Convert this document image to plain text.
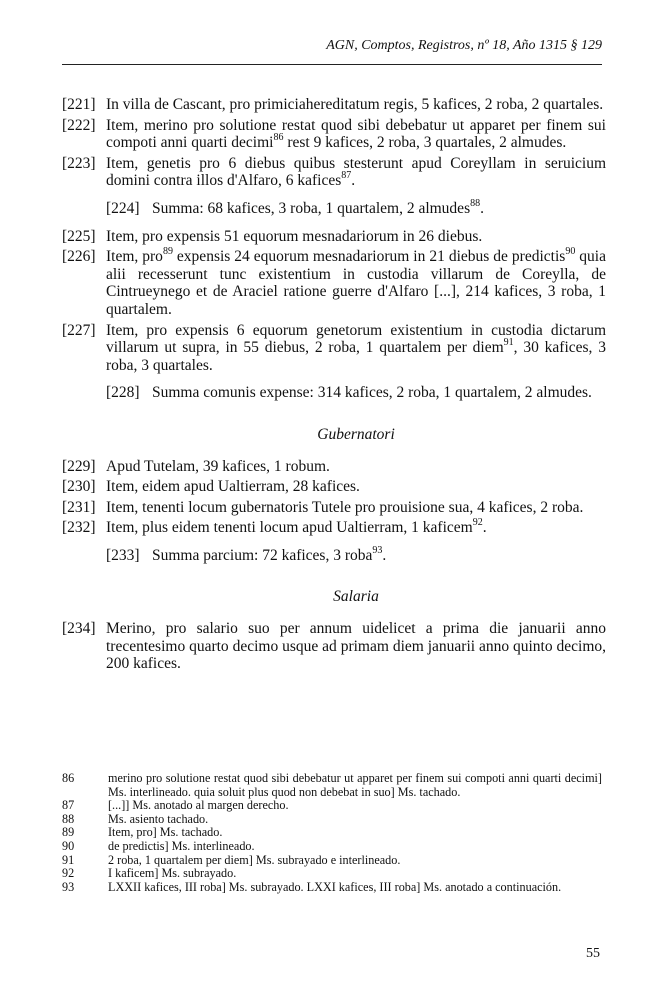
AGN, Comptos, Registros, nº 18, Año 1315 § 129
[221] In villa de Cascant, pro primiciahereditatum regis, 5 kafices, 2 roba, 2 quartales.
[222] Item, merino pro solutione restat quod sibi debebatur ut apparet per finem sui compoti anni quarti decimi$^{86}$ rest 9 kafices, 2 roba, 3 quartales, 2 almudes.
[223] Item, genetis pro 6 diebus quibus stesterunt apud Coreyllam in seruicium domini contra illos d'Alfaro, 6 kafices$^{87}$.
[224] Summa: 68 kafices, 3 roba, 1 quartalem, 2 almudes$^{88}$.
[225] Item, pro expensis 51 equorum mesnadariorum in 26 diebus.
[226] Item, pro$^{89}$ expensis 24 equorum mesnadariorum in 21 diebus de predictis$^{90}$ quia alii recesserunt tunc existentium in custodia villarum de Coreylla, de Cintrueynego et de Araciel ratione guerre d'Alfaro [...], 214 kafices, 3 roba, 1 quartalem.
[227] Item, pro expensis 6 equorum genetorum existentium in custodia dictarum villarum ut supra, in 55 diebus, 2 roba, 1 quartalem per diem$^{91}$, 30 kafices, 3 roba, 3 quartales.
[228] Summa comunis expense: 314 kafices, 2 roba, 1 quartalem, 2 almudes.
Gubernatori
[229] Apud Tutelam, 39 kafices, 1 robum.
[230] Item, eidem apud Ualtierram, 28 kafices.
[231] Item, tenenti locum gubernatoris Tutele pro prouisione sua, 4 kafices, 2 roba.
[232] Item, plus eidem tenenti locum apud Ualtierram, 1 kaficem$^{92}$.
[233] Summa parcium: 72 kafices, 3 roba$^{93}$.
Salaria
[234] Merino, pro salario suo per annum uidelicet a prima die januarii anno trecentesimo quarto decimo usque ad primam diem januarii anno quinto decimo, 200 kafices.
86	merino pro solutione restat quod sibi debebatur ut apparet per finem sui compoti anni quarti decimi] Ms. interlineado. quia soluit plus quod non debebat in suo] Ms. tachado.
87	[...]] Ms. anotado al margen derecho.
88	Ms. asiento tachado.
89	Item, pro] Ms. tachado.
90	de predictis] Ms. interlineado.
91	2 roba, 1 quartalem per diem] Ms. subrayado e interlineado.
92	I kaficem] Ms. subrayado.
93	LXXII kafices, III roba] Ms. subrayado. LXXI kafices, III roba] Ms. anotado a continuación.
55
